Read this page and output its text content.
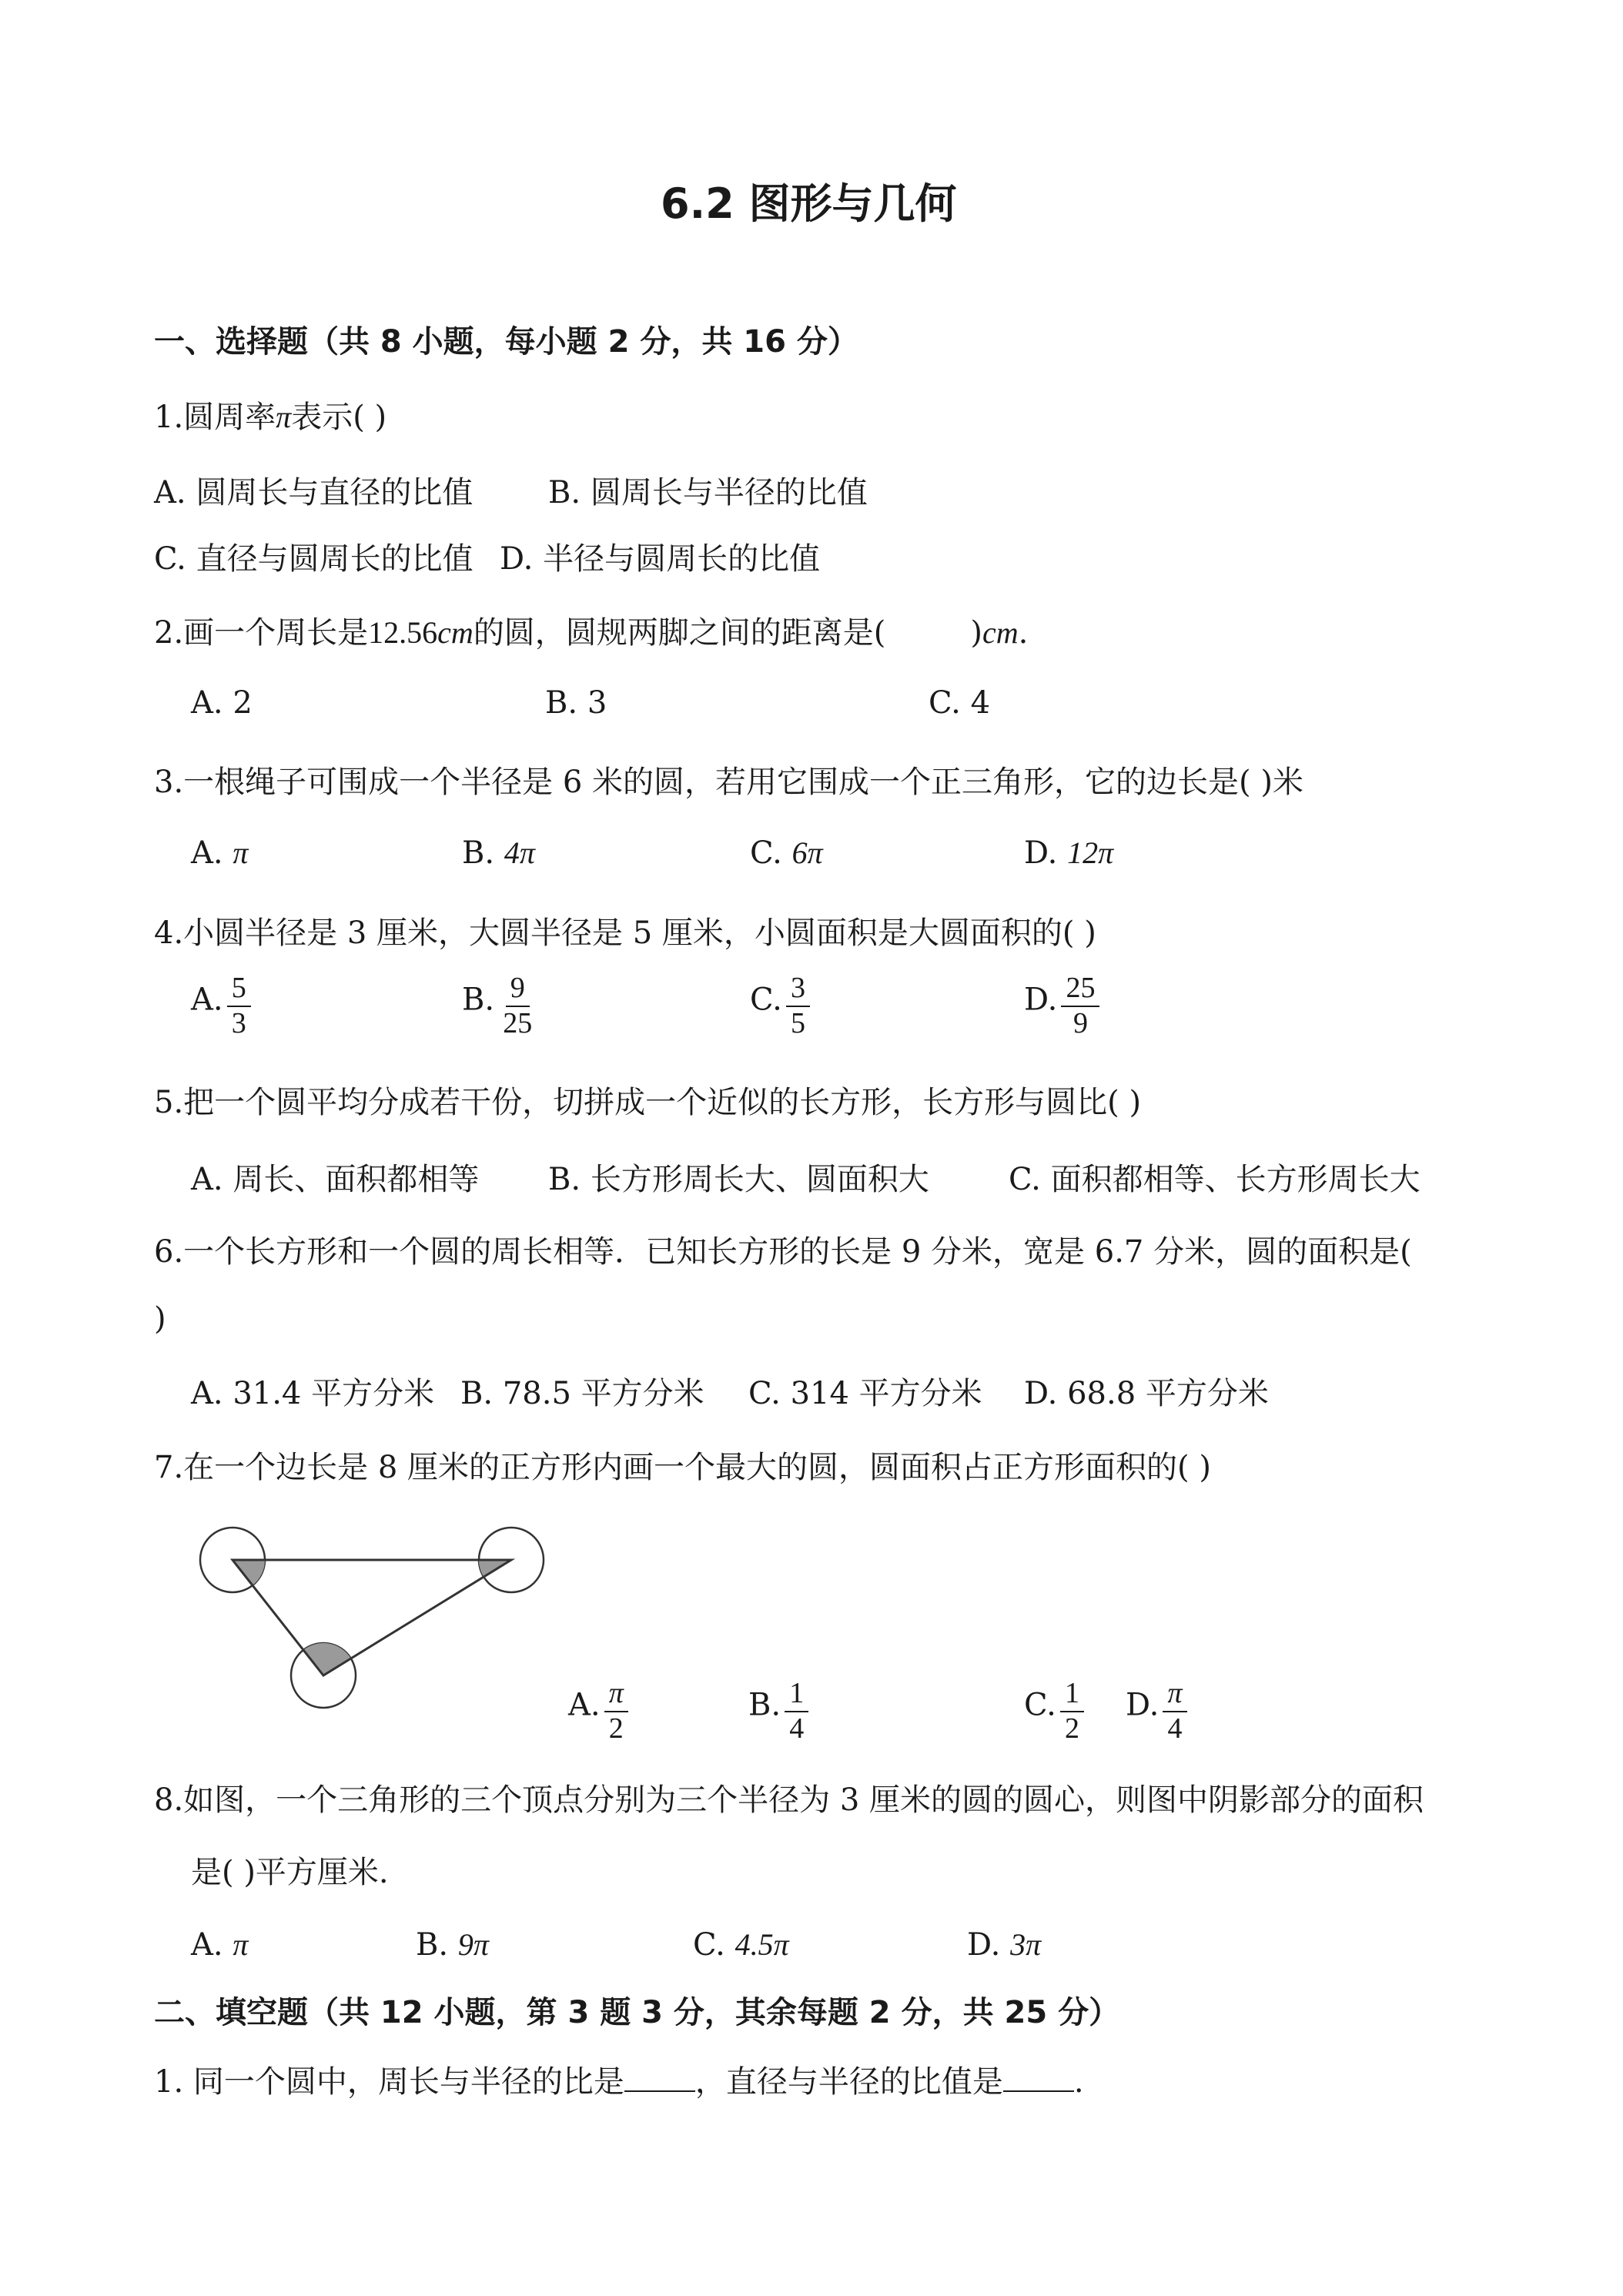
6.2 图形与几何
一、选择题（共 8 小题，每小题 2 分，共 16 分）
1.圆周率π表示( )
A. 圆周长与直径的比值 B. 圆周长与半径的比值
C. 直径与圆周长的比值 D. 半径与圆周长的比值
2.画一个周长是12.56cm的圆，圆规两脚之间的距离是(	)cm.
A. 2	B. 3	C. 4
3.一根绳子可围成一个半径是 6 米的圆，若用它围成一个正三角形，它的边长是( )米
A. π	B. 4π	C. 6π	D. 12π
4.小圆半径是 3 厘米，大圆半径是 5 厘米，小圆面积是大圆面积的( )
A. $\frac{5}{3}$	B. $\frac{9}{25}$	C. $\frac{3}{5}$	D. $\frac{25}{9}$
5.把一个圆平均分成若干份，切拼成一个近似的长方形，长方形与圆比( )
A. 周长、面积都相等 B. 长方形周长大、圆面积大	C. 面积都相等、长方形周长大
6.一个长方形和一个圆的周长相等．已知长方形的长是 9 分米，宽是 6.7 分米，圆的面积是(
)
A. 31.4 平方分米 B. 78.5 平方分米 C. 314 平方分米 D. 68.8 平方分米
7.在一个边长是 8 厘米的正方形内画一个最大的圆，圆面积占正方形面积的( )
A. $\frac{\pi}{2}$	B. $\frac{1}{4}$	C. $\frac{1}{2} D$. $\frac{\pi}{4}$
8.如图，一个三角形的三个顶点分别为三个半径为 3 厘米的圆的圆心，则图中阴影部分的面积
是( )平方厘米.
A. π	B. 9π	C. 4.5π	D. 3π
二、填空题（共 12 小题，第 3 题 3 分，其余每题 2 分，共 25 分）
1. 同一个圆中，周长与半径的比是 ，直径与半径的比值是 .
